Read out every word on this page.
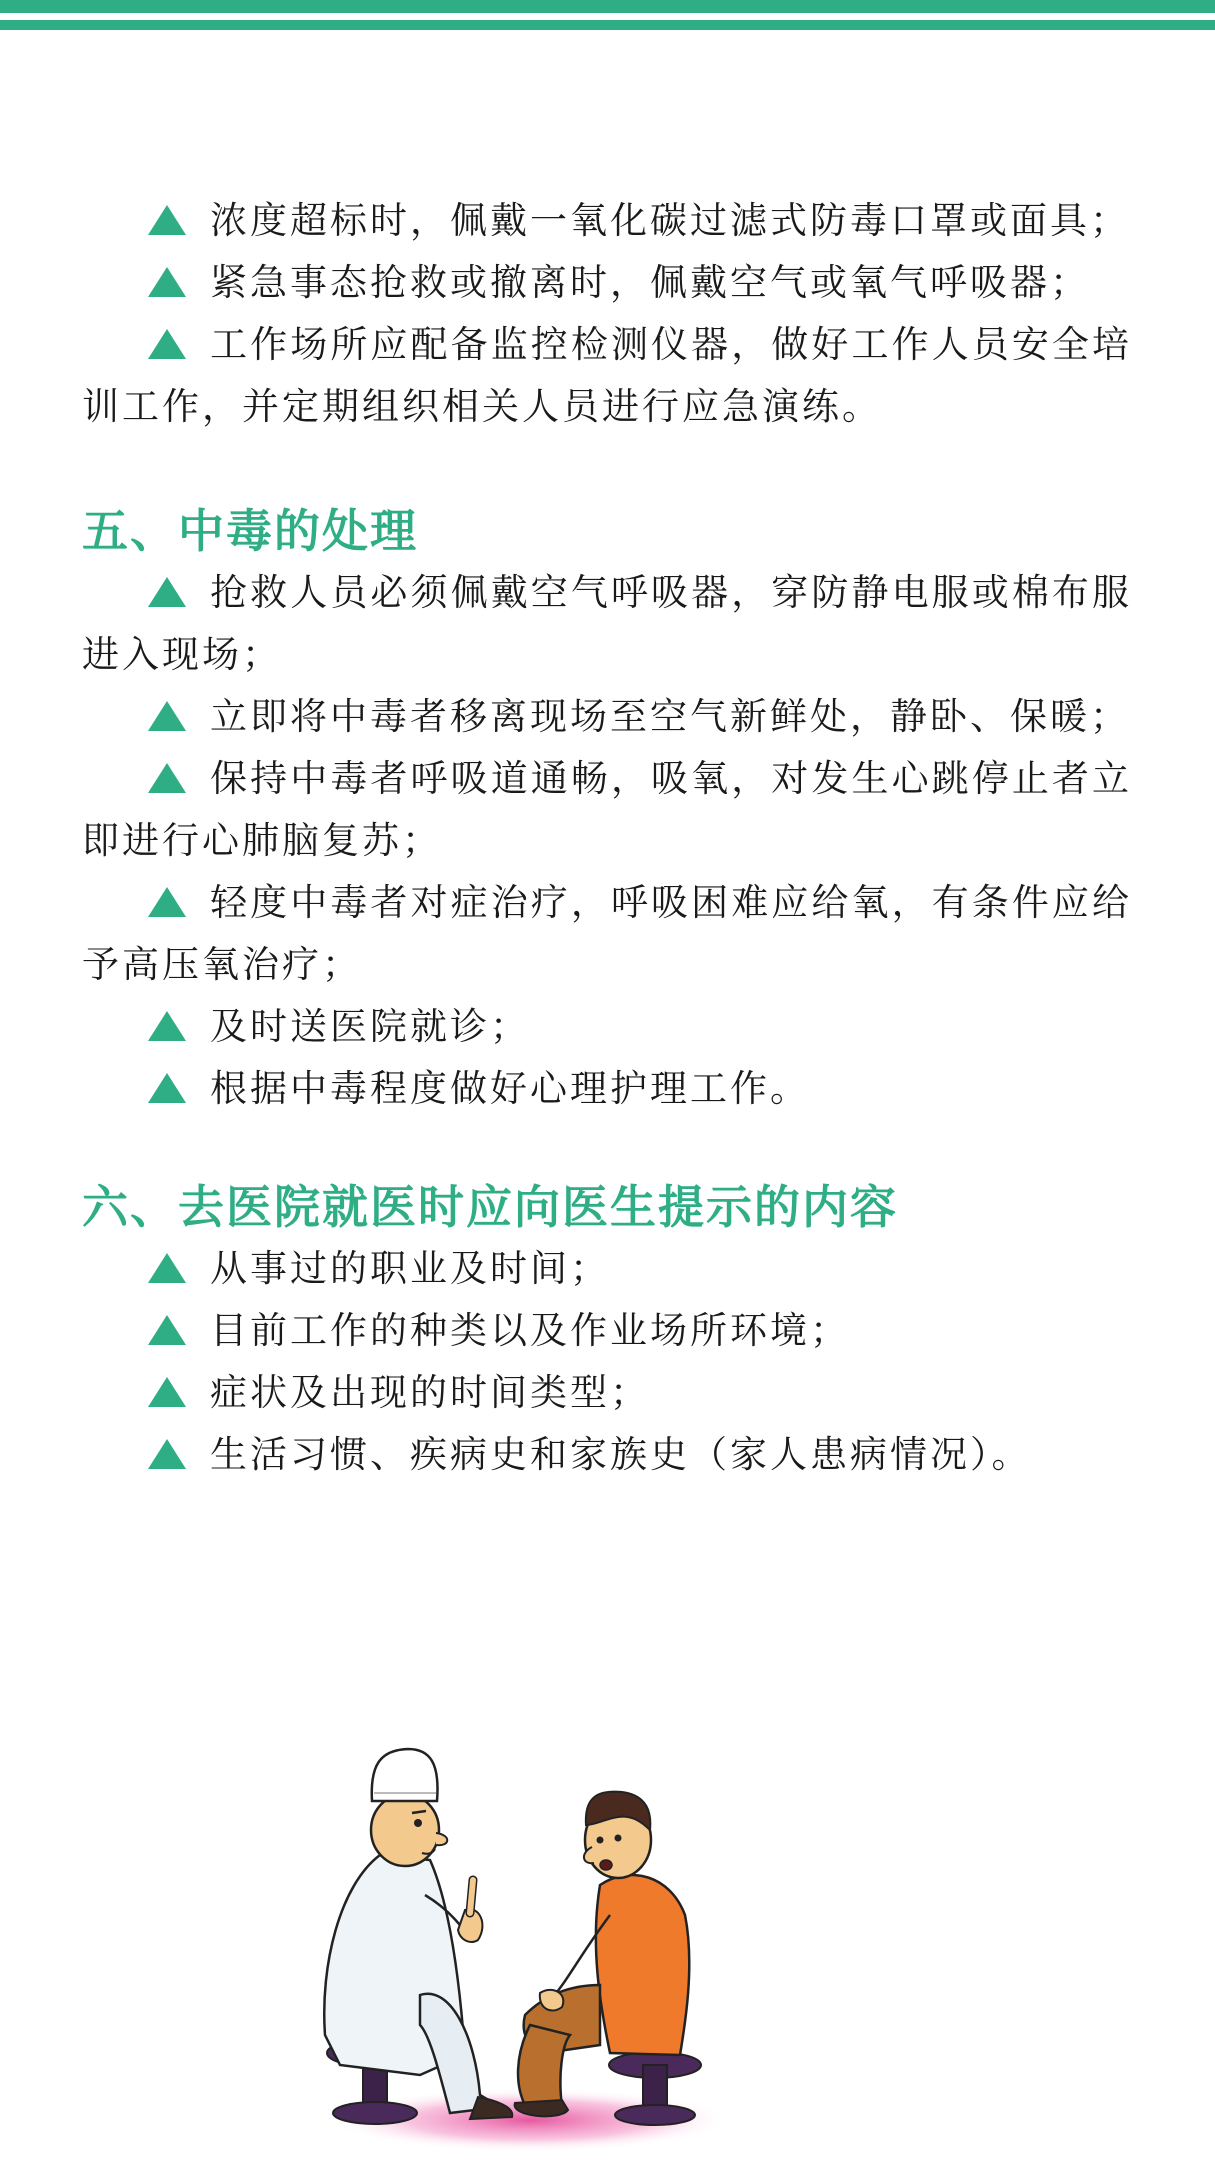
浓度超标时，佩戴一氧化碳过滤式防毒口罩或面具；

紧急事态抢救或撤离时，佩戴空气或氧气呼吸器；

工作场所应配备监控检测仪器，做好工作人员安全培训工作，并定期组织相关人员进行应急演练。

五、中毒的处理

抢救人员必须佩戴空气呼吸器，穿防静电服或棉布服进入现场；

立即将中毒者移离现场至空气新鲜处，静卧、保暖；

保持中毒者呼吸道通畅，吸氧，对发生心跳停止者立即进行心肺脑复苏；

轻度中毒者对症治疗，呼吸困难应给氧，有条件应给予高压氧治疗；

及时送医院就诊；

根据中毒程度做好心理护理工作。

六、去医院就医时应向医生提示的内容

从事过的职业及时间；

目前工作的种类以及作业场所环境；

症状及出现的时间类型；

生活习惯、疾病史和家族史（家人患病情况）。
